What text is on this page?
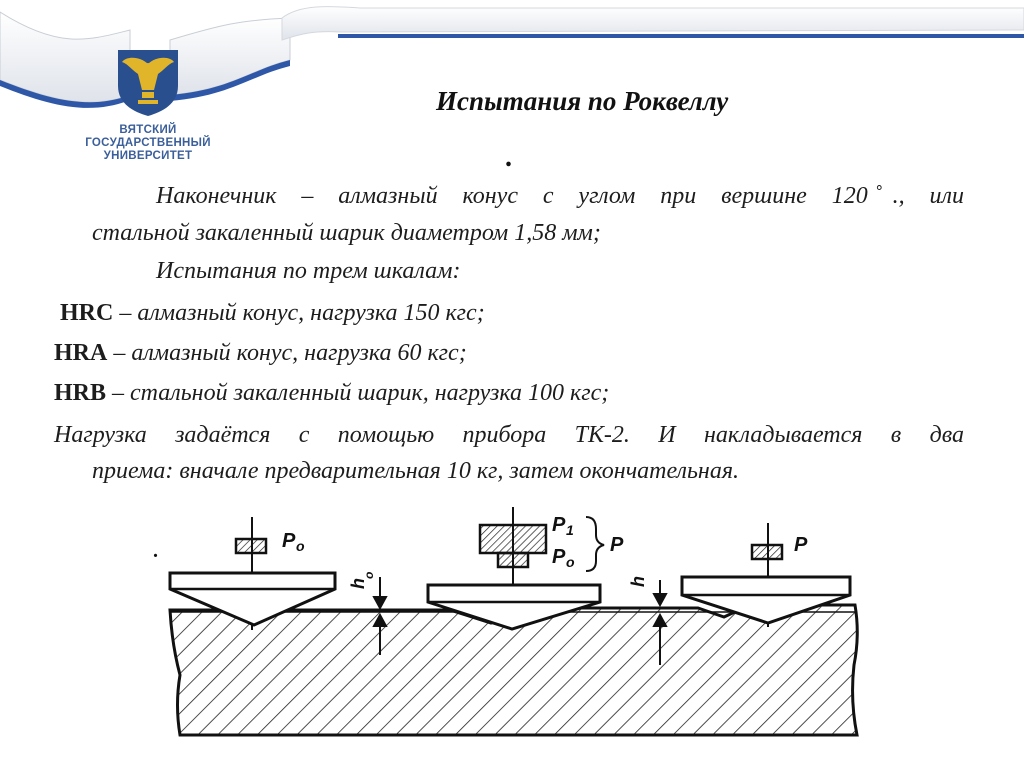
ВЯТСКИЙ
ГОСУДАРСТВЕННЫЙ
УНИВЕРСИТЕТ
Испытания по Роквеллу
.
Наконечник – алмазный конус с углом при вершине 120 ̊., или
стальной закаленный шарик диаметром 1,58 мм;
Испытания по трем шкалам:
HRC – алмазный конус, нагрузка 150 кгс;
HRA – алмазный конус, нагрузка 60 кгс;
HRB – стальной закаленный шарик, нагрузка 100 кгс;
Нагрузка задаётся с помощью прибора ТК-2. И накладывается в два
приема: вначале предварительная 10 кг, затем окончательная.
.	P o
h
o
P 1
P o
P
h
P
